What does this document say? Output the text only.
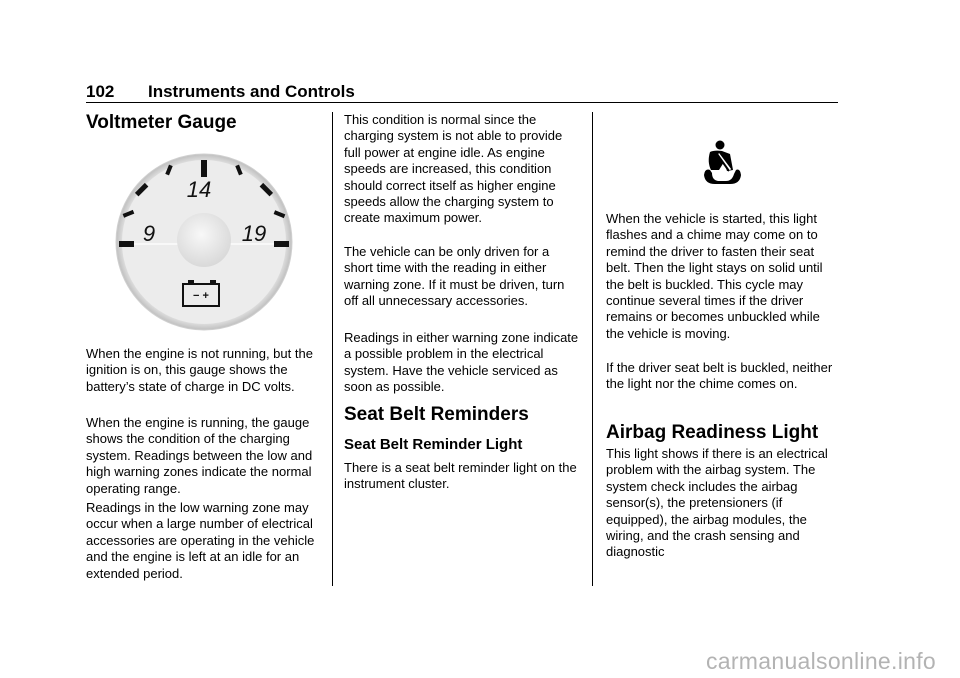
102 Instruments and Controls
Voltmeter Gauge
14
9	19
− +

When the engine is not running, but the ignition is on, this gauge shows the battery’s state of charge in DC volts.

When the engine is running, the gauge shows the condition of the charging system. Readings between the low and high warning zones indicate the normal operating range.

Readings in the low warning zone may occur when a large number of electrical accessories are operating in the vehicle and the engine is left at an idle for an extended period.

This condition is normal since the charging system is not able to provide full power at engine idle. As engine speeds are increased, this condition should correct itself as higher engine speeds allow the charging system to create maximum power.

The vehicle can be only driven for a short time with the reading in either warning zone. If it must be driven, turn off all unnecessary accessories.

Readings in either warning zone indicate a possible problem in the electrical system. Have the vehicle serviced as soon as possible.

Seat Belt Reminders
Seat Belt Reminder Light

There is a seat belt reminder light on the instrument cluster.

When the vehicle is started, this light flashes and a chime may come on to remind the driver to fasten their seat belt. Then the light stays on solid until the belt is buckled. This cycle may continue several times if the driver remains or becomes unbuckled while the vehicle is moving.

If the driver seat belt is buckled, neither the light nor the chime comes on.

Airbag Readiness Light

This light shows if there is an electrical problem with the airbag system. The system check includes the airbag sensor(s), the pretensioners (if equipped), the airbag modules, the wiring, and the crash sensing and diagnostic

carmanualsonline.info
